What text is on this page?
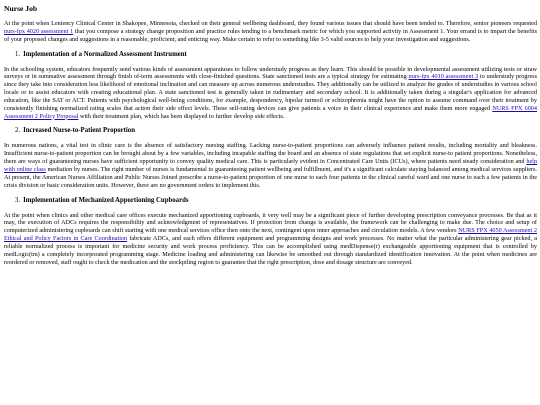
Nurse Job

At the point when Leniency Clinical Center in Shakopee, Minnesota, checked on their general wellbeing dashboard, they found various issues that should have been tended to. Therefore, senior pioneers requested nurs-fpx 4020 assessment 1 that you compose a strategy change proposition and practice rules tending to a benchmark metric for which you supported activity in Assessment 1. Your errand is to impart the benefits of your proposed changes and suggestions in a reasonable, proficient, and enticing way. Make certain to refer to something like 3-5 valid sources to help your investigation and suggestions.

1. Implementation of a Normalized Assessment Instrument

In the schooling system, educators frequently send various kinds of assessment apparatuses to follow understudy progress as they learn. This should be possible in developmental assessment utilizing tests or straw surveys or in summative assessment through finish of-term assessments with close-finished questions. State sanctioned tests are a typical strategy for estimating nurs-fpx 4010 assessment 3 to understudy progress since they take into consideration less likelihood of emotional inclination and can measure up across numerous understudies. They additionally can be utilized to analyze the grades of understudies in various school locale or to assist educators with creating educational plan. A state sanctioned test is generally taken in rudimentary and secondary school. It is additionally taken during a singular's application for advanced education, like the SAT or ACT. Patients with psychological well-being conditions, for example, despondency, bipolar turmoil or schizophrenia might have the option to assume command over their treatment by consistently finishing normalized rating scales that action their side effect levels. These self-rating devices can give patients a voice in their clinical experience and make them more engaged NURS FPX 6004 Assessment 2 Policy Proposal with their treatment plan, which has been displayed to further develop side effects.

2. Increased Nurse-to-Patient Proportion

In numerous nations, a vital test in clinic care is the absence of satisfactory nursing staffing. Lacking nurse-to-patient proportions can adversely influence patient results, including mortality and bleakness. Insufficient nurse-to-patient proportion can be brought about by a few variables, including incapable staffing the board and an absence of state regulations that set explicit nurse-to patient proportions. Nonetheless, there are ways of guaranteeing nurses have sufficient opportunity to convey quality medical care. This is particularly evident in Concentrated Care Units (ICUs), where patients need steady consideration and help with online class mediation by nurses. The right number of nurses is fundamental to guaranteeing patient wellbeing and fulfillment, and it's a significant calculate staying balanced among medical services suppliers. At present, the American Nurses Affiliation and Public Nurses Joined prescribe a nurse-to-patient proportion of one nurse to each four patients in the clinical careful ward and one nurse to each a few patients in the crisis division or basic consideration units. However, there are no government orders to implement this.

3. Implementation of Mechanized Apportioning Cupboards

At the point when clinics and other medical care offices execute mechanized apportioning cupboards, it very well may be a significant piece of further developing prescription conveyance processes. Be that as it may, the execution of ADCs requires the responsibility and acknowledgment of representatives. If protection from change is available, the framework can be challenging to make due. The choice and setup of computerized administering cupboards can shift starting with one medical services office then onto the next, contingent upon inner approaches and circulation models. A few vendors NURS FPX 4050 Assessment 2 Ethical and Policy Factors in Care Coordination fabricate ADCs, and each offers different equipment and programming designs and work processes. No matter what the particular administering gear picked, a reliable normalized process is important for medicine security and work process proficiency. This can be accomplished using medDispense(r) exchangeable apportioning equipment that is controlled by medLogic(tm) a completely incorporated programming stage. Medicine loading and administering can likewise be smoothed out through standardized identification innovation. At the point when medicines are reordered or removed, staff ought to check the medication and the stockpiling region to guarantee that the right prescription, dose and dosage structure are conveyed.
